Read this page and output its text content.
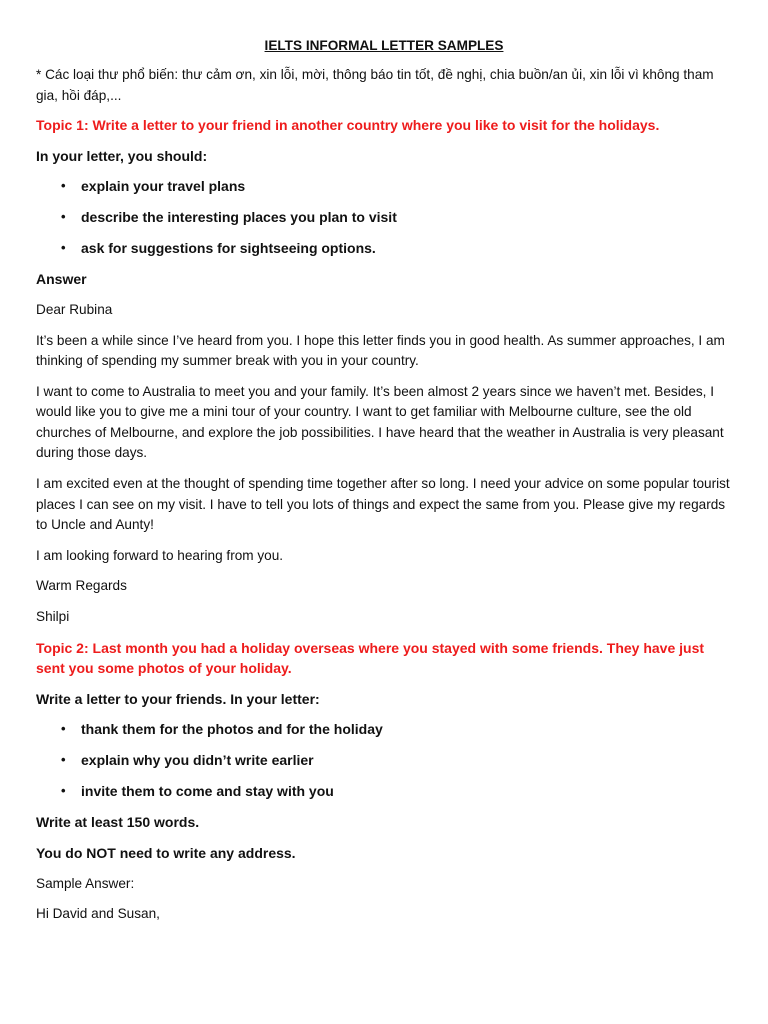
IELTS INFORMAL LETTER SAMPLES

* Các loại thư phổ biến: thư cảm ơn, xin lỗi, mời, thông báo tin tốt, đề nghị, chia buồn/an ủi, xin lỗi vì không tham gia, hồi đáp,...

Topic 1: Write a letter to your friend in another country where you like to visit for the holidays.

In your letter, you should:

• explain your travel plans
• describe the interesting places you plan to visit
• ask for suggestions for sightseeing options.

Answer

Dear Rubina

It’s been a while since I’ve heard from you. I hope this letter finds you in good health. As summer approaches, I am thinking of spending my summer break with you in your country.

I want to come to Australia to meet you and your family. It’s been almost 2 years since we haven’t met. Besides, I would like you to give me a mini tour of your country. I want to get familiar with Melbourne culture, see the old churches of Melbourne, and explore the job possibilities. I have heard that the weather in Australia is very pleasant during those days.

I am excited even at the thought of spending time together after so long. I need your advice on some popular tourist places I can see on my visit. I have to tell you lots of things and expect the same from you. Please give my regards to Uncle and Aunty!

I am looking forward to hearing from you.

Warm Regards

Shilpi

Topic 2: Last month you had a holiday overseas where you stayed with some friends. They have just sent you some photos of your holiday.

Write a letter to your friends. In your letter:

• thank them for the photos and for the holiday
• explain why you didn’t write earlier
• invite them to come and stay with you

Write at least 150 words.

You do NOT need to write any address.

Sample Answer:

Hi David and Susan,
